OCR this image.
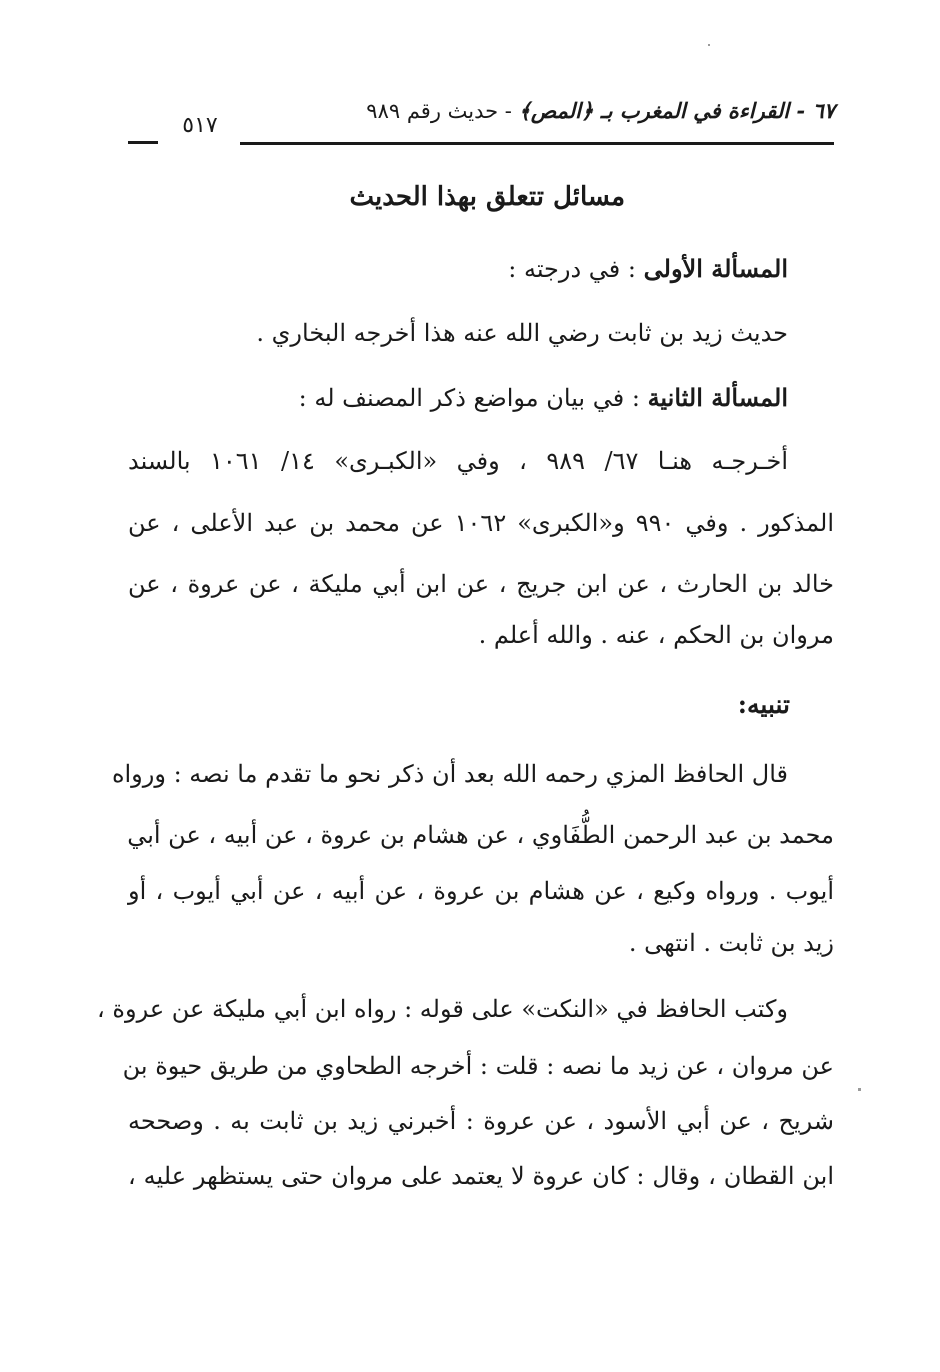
٦٧ - القراءة في المغرب بـ ﴿المص﴾ - حديث رقم ٩٨٩
٥١٧
مسائل تتعلق بهذا الحديث
المسألة الأولى : في درجته :
حديث زيد بن ثابت رضي الله عنه هذا أخرجه البخاري .
المسألة الثانية : في بيان مواضع ذكر المصنف له :
أخـرجـه هنـا ٦٧/ ٩٨٩ ، وفي «الكبـرى» ١٤/ ١٠٦١ بالسند
المذكور . وفي ٩٩٠ و«الكبرى» ١٠٦٢ عن محمد بن عبد الأعلى ، عن
خالد بن الحارث ، عن ابن جريج ، عن ابن أبي مليكة ، عن عروة ، عن
مروان بن الحكم ، عنه . والله أعلم .
تنبيه:
قال الحافظ المزي رحمه الله بعد أن ذكر نحو ما تقدم ما نصه : ورواه
محمد بن عبد الرحمن الطُّفَاوي ، عن هشام بن عروة ، عن أبيه ، عن أبي
أيوب . ورواه وكيع ، عن هشام بن عروة ، عن أبيه ، عن أبي أيوب ، أو
زيد بن ثابت . انتهى .
وكتب الحافظ في «النكت» على قوله : رواه ابن أبي مليكة عن عروة ،
عن مروان ، عن زيد ما نصه : قلت : أخرجه الطحاوي من طريق حيوة بن
شريح ، عن أبي الأسود ، عن عروة : أخبرني زيد بن ثابت به . وصححه
ابن القطان ، وقال : كان عروة لا يعتمد على مروان حتى يستظهر عليه ،
